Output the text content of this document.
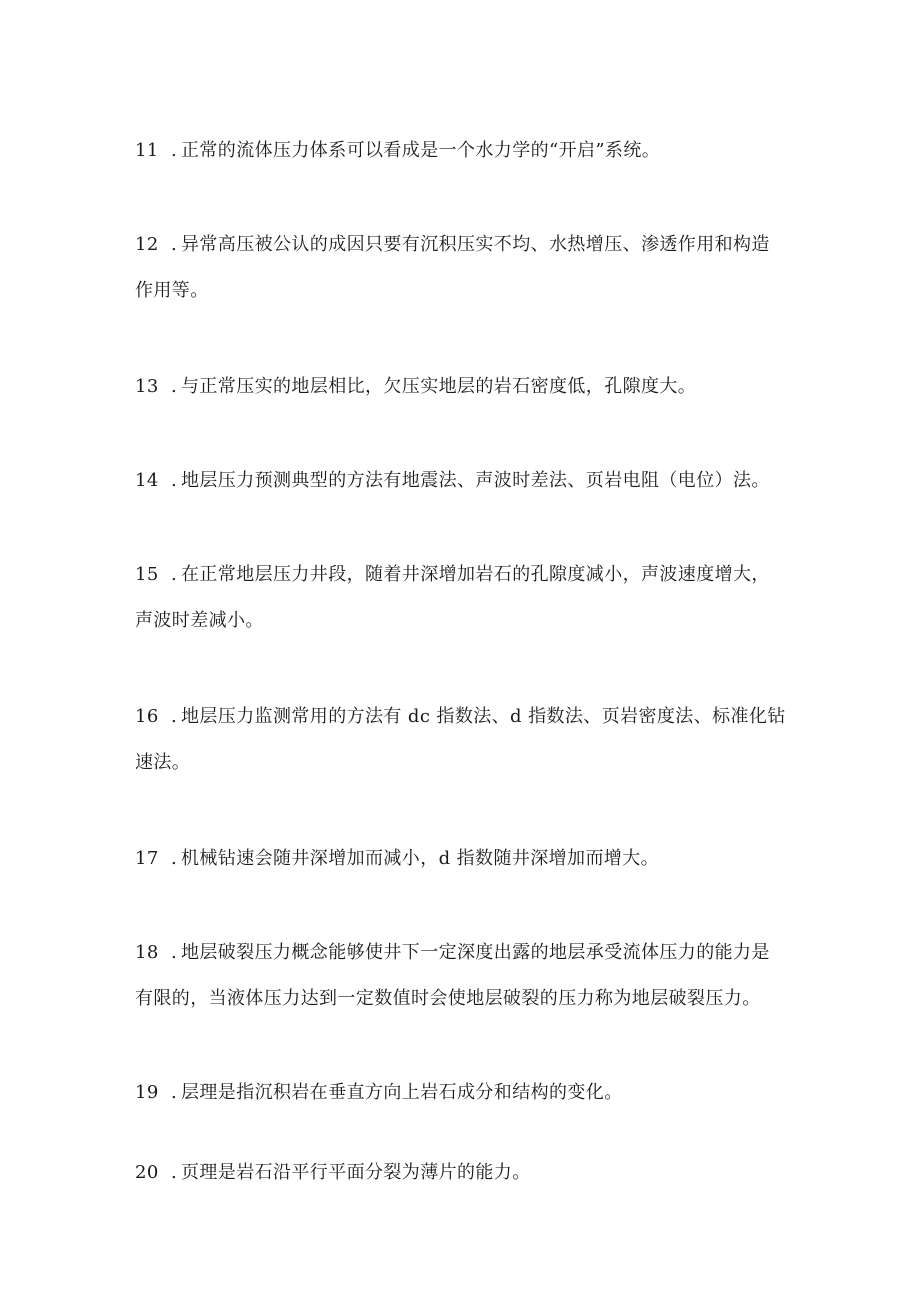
11 . 正常的流体压力体系可以看成是一个水力学的“开启”系统。
12 . 异常高压被公认的成因只要有沉积压实不均、水热增压、渗透作用和构造
作用等。
13 . 与正常压实的地层相比，欠压实地层的岩石密度低，孔隙度大。
14 . 地层压力预测典型的方法有地震法、声波时差法、页岩电阻（电位）法。
15 . 在正常地层压力井段，随着井深增加岩石的孔隙度减小，声波速度增大，
声波时差减小。
16 . 地层压力监测常用的方法有 dc 指数法、d 指数法、页岩密度法、标准化钻
速法。
17 . 机械钻速会随井深增加而减小，d 指数随井深增加而增大。
18 . 地层破裂压力概念能够使井下一定深度出露的地层承受流体压力的能力是
有限的，当液体压力达到一定数值时会使地层破裂的压力称为地层破裂压力。
19 . 层理是指沉积岩在垂直方向上岩石成分和结构的变化。
20 . 页理是岩石沿平行平面分裂为薄片的能力。
